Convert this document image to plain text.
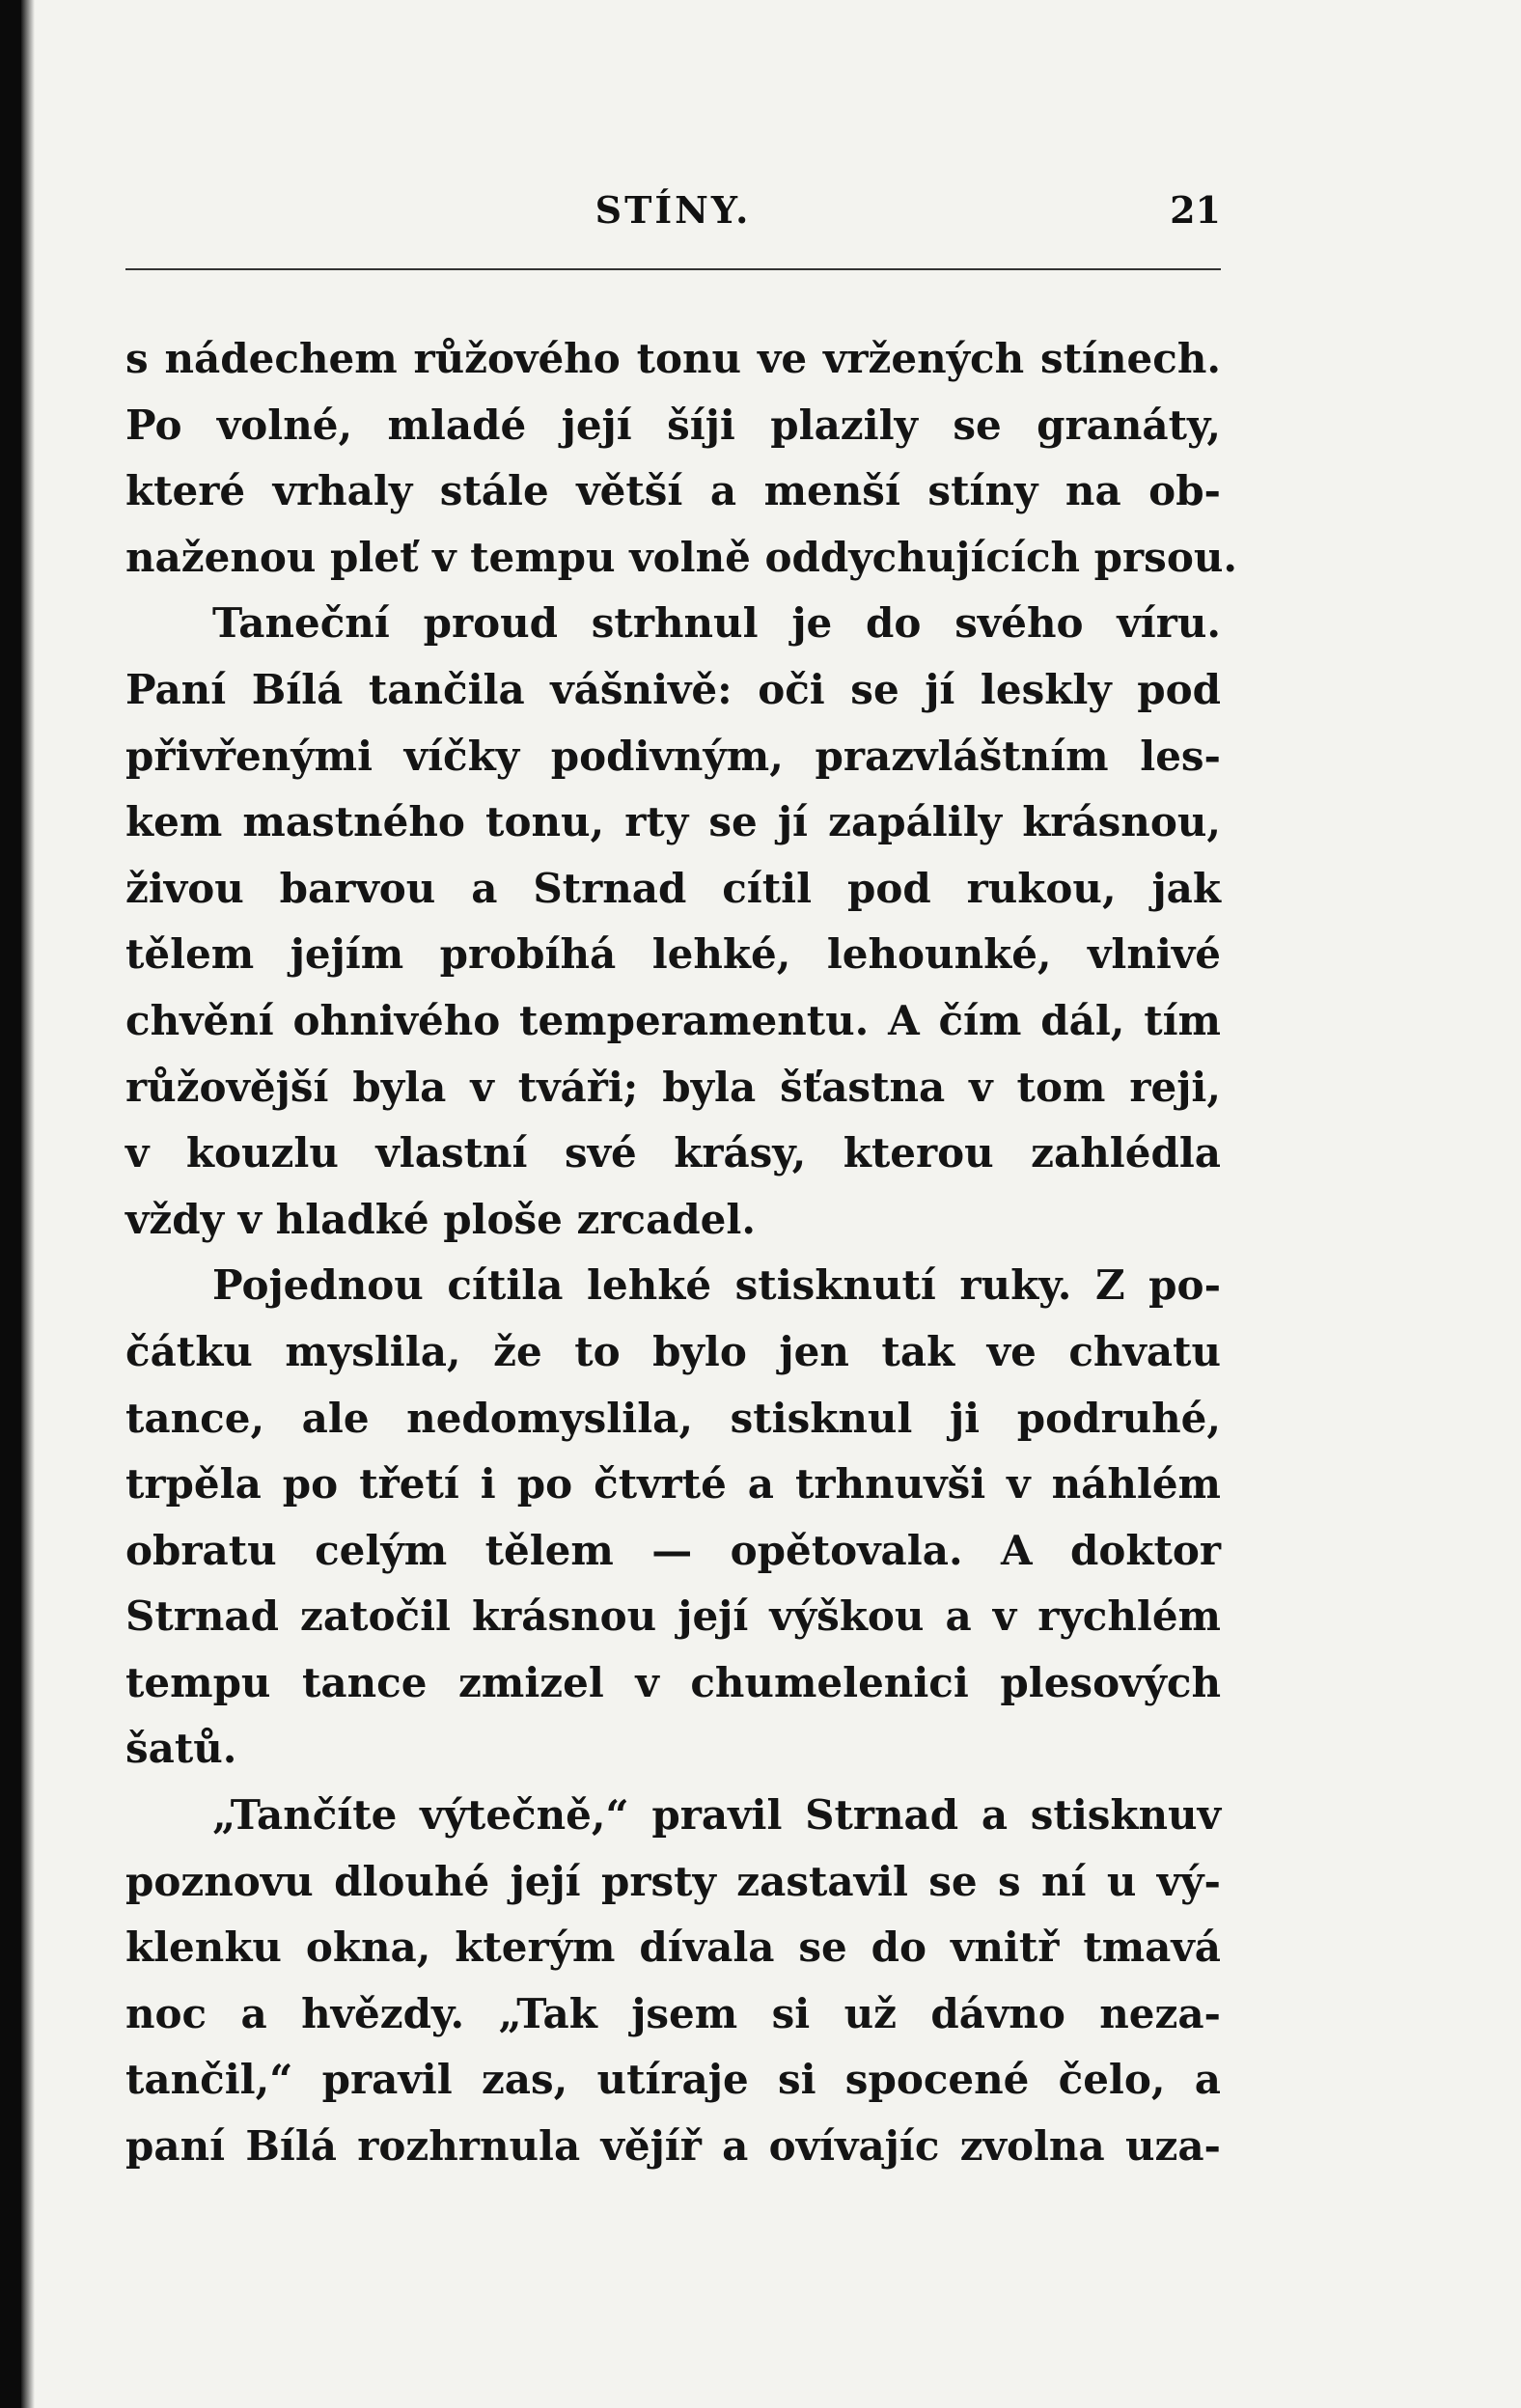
STÍNY.	21
s nádechem růžového tonu ve vržených stínech.
Po volné, mladé její šíji plazily se granáty,
které vrhaly stále větší a menší stíny na ob-
naženou pleť v tempu volně oddychujících prsou.
Taneční proud strhnul je do svého víru.
Paní Bílá tančila vášnivě: oči se jí leskly pod
přivřenými víčky podivným, prazvláštním les-
kem mastného tonu, rty se jí zapálily krásnou,
živou barvou a Strnad cítil pod rukou, jak
tělem jejím probíhá lehké, lehounké, vlnivé
chvění ohnivého temperamentu. A čím dál, tím
růžovější byla v tváři; byla šťastna v tom reji,
v kouzlu vlastní své krásy, kterou zahlédla
vždy v hladké ploše zrcadel.
Pojednou cítila lehké stisknutí ruky. Z po-
čátku myslila, že to bylo jen tak ve chvatu
tance, ale nedomyslila, stisknul ji podruhé,
trpěla po třetí i po čtvrté a trhnuvši v náhlém
obratu celým tělem — opětovala. A doktor
Strnad zatočil krásnou její výškou a v rychlém
tempu tance zmizel v chumelenici plesových
šatů.
„Tančíte výtečně,“ pravil Strnad a stisknuv
poznovu dlouhé její prsty zastavil se s ní u vý-
klenku okna, kterým dívala se do vnitř tmavá
noc a hvězdy. „Tak jsem si už dávno neza-
tančil,“ pravil zas, utíraje si spocené čelo, a
paní Bílá rozhrnula vějíř a ovívajíc zvolna uza-
